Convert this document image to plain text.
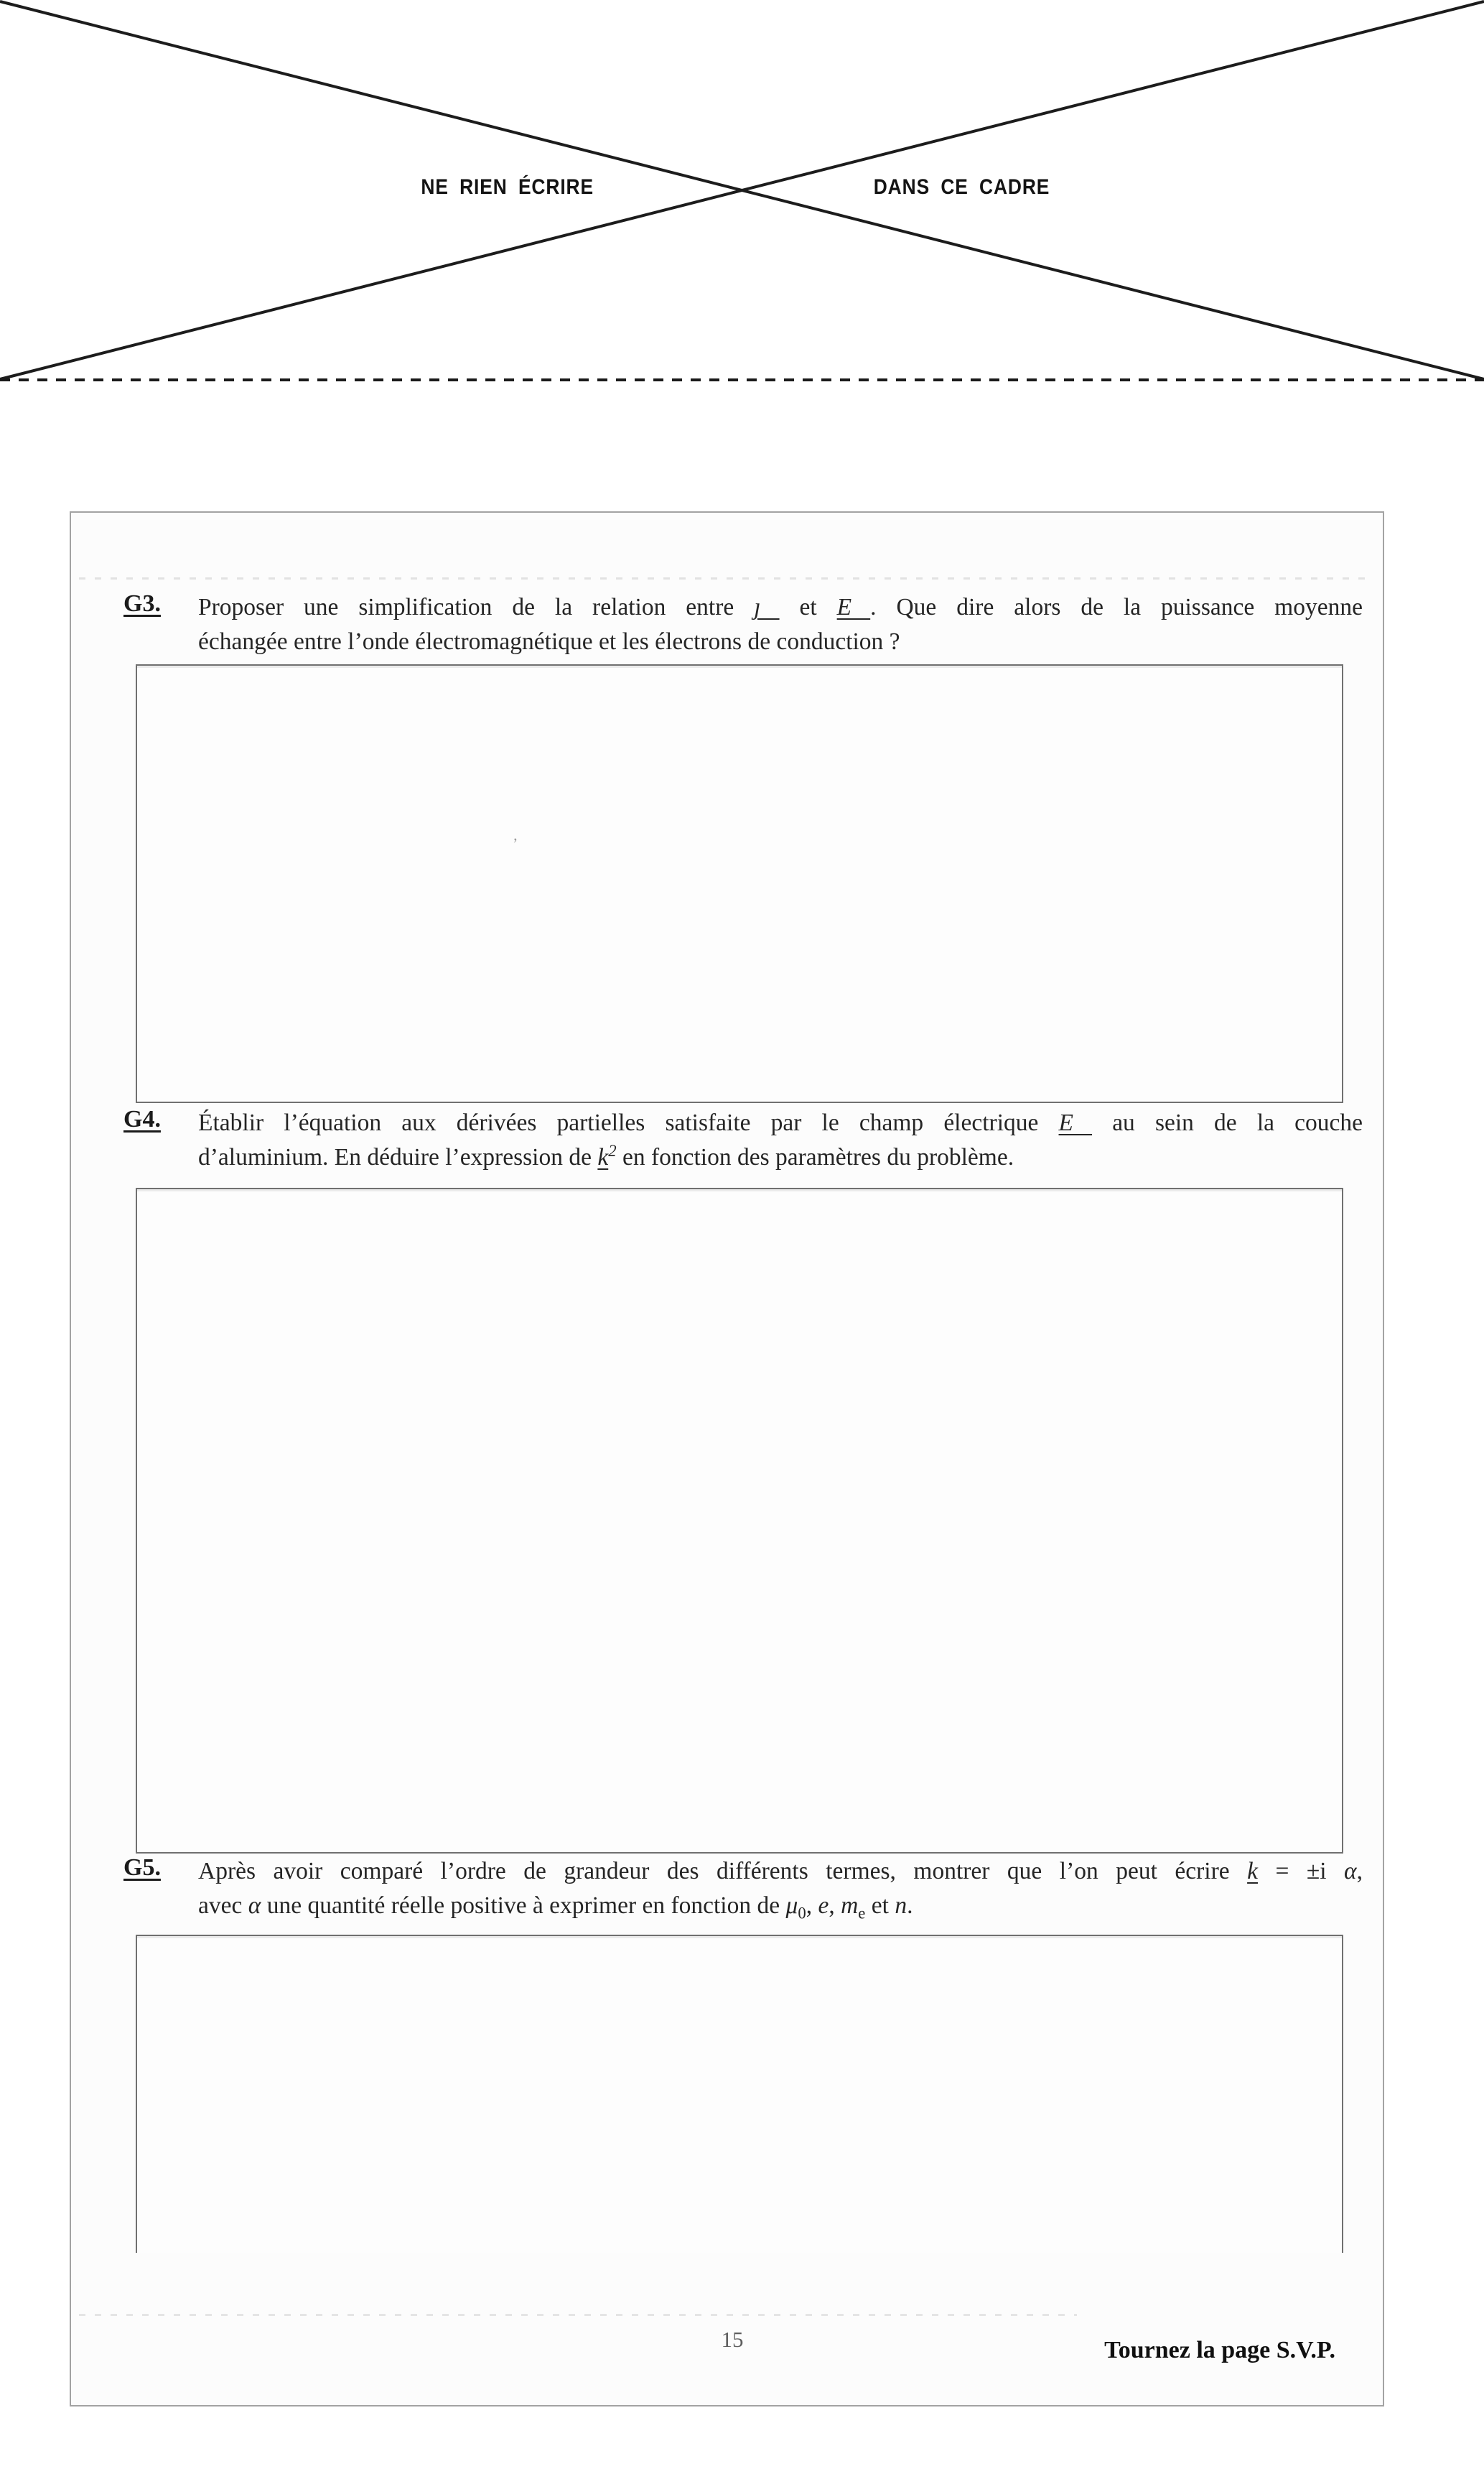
NE RIEN ÉCRIRE	DANS CE CADRE
G3. Proposer une simplification de la relation entre ȷ⃗ et E⃗. Que dire alors de la puissance moyenne
échangée entre l’onde électromagnétique et les électrons de conduction ?
’
G4. Établir l’équation aux dérivées partielles satisfaite par le champ électrique E⃗ au sein de la couche
d’aluminium. En déduire l’expression de $k^2$ en fonction des paramètres du problème.
G5. Après avoir comparé l’ordre de grandeur des différents termes, montrer que l’on peut écrire k = ±i α,
avec α une quantité réelle positive à exprimer en fonction de $\mu_0$, e, $m_e$ et n.
15	Tournez la page S.V.P.
